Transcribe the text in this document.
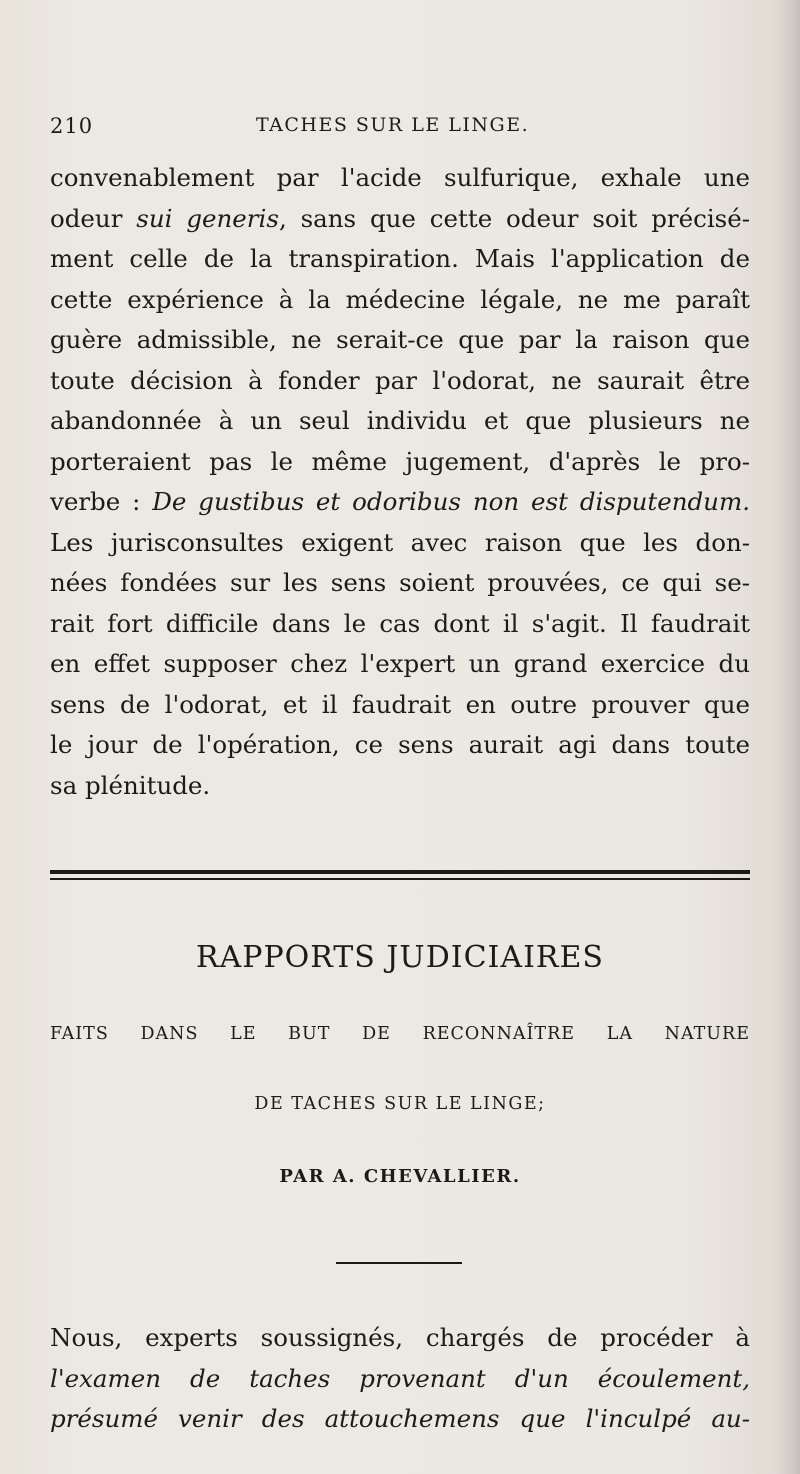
210	TACHES SUR LE LINGE.
convenablement par l'acide sulfurique, exhale une
odeur sui generis, sans que cette odeur soit précisé-
ment celle de la transpiration. Mais l'application de
cette expérience à la médecine légale, ne me paraît
guère admissible, ne serait-ce que par la raison que
toute décision à fonder par l'odorat, ne saurait être
abandonnée à un seul individu et que plusieurs ne
porteraient pas le même jugement, d'après le pro-
verbe : De gustibus et odoribus non est disputendum.
Les jurisconsultes exigent avec raison que les don-
nées fondées sur les sens soient prouvées, ce qui se-
rait fort difficile dans le cas dont il s'agit. Il faudrait
en effet supposer chez l'expert un grand exercice du
sens de l'odorat, et il faudrait en outre prouver que
le jour de l'opération, ce sens aurait agi dans toute
sa plénitude.
RAPPORTS JUDICIAIRES
FAITS DANS LE BUT DE RECONNAÎTRE LA NATURE
DE TACHES SUR LE LINGE;
PAR A. CHEVALLIER.
Nous, experts soussignés, chargés de procéder à
l'examen de taches provenant d'un écoulement,
présumé venir des attouchemens que l'inculpé au-
